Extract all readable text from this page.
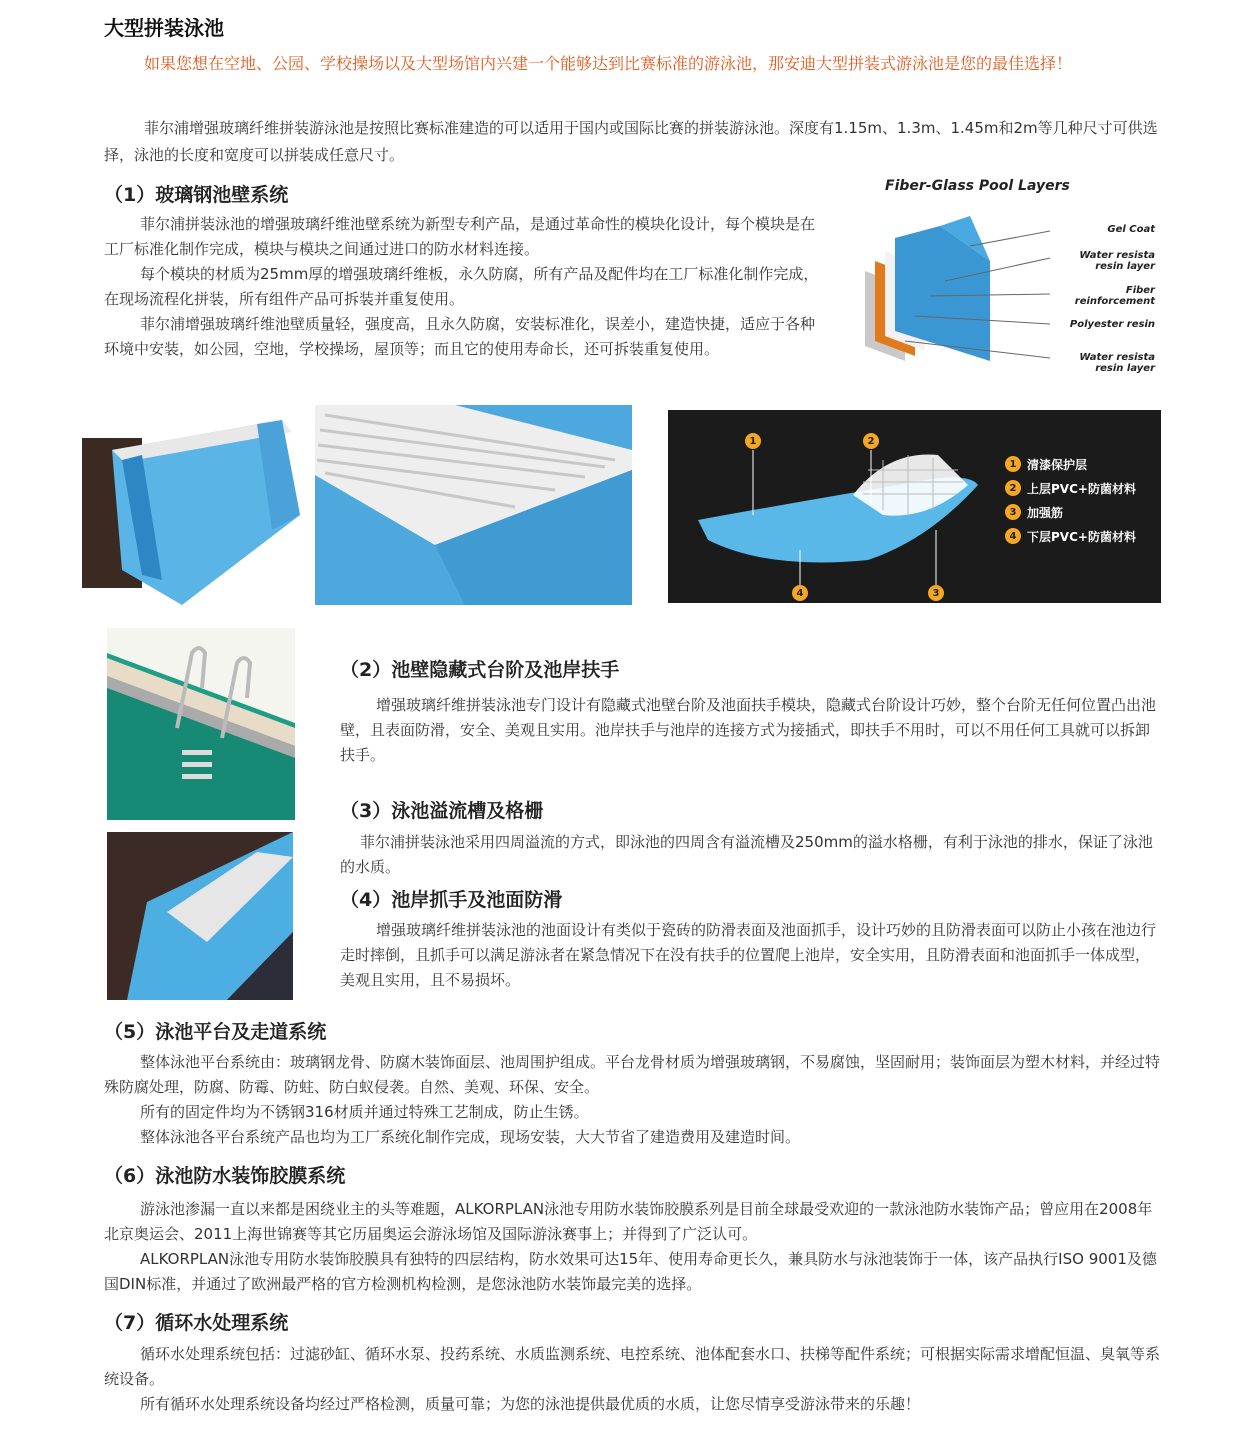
大型拼装泳池
如果您想在空地、公园、学校操场以及大型场馆内兴建一个能够达到比赛标准的游泳池，那安迪大型拼装式游泳池是您的最佳选择！
菲尔浦增强玻璃纤维拼装游泳池是按照比赛标准建造的可以适用于国内或国际比赛的拼装游泳池。深度有1.15m、1.3m、1.45m和2m等几种尺寸可供选择，泳池的长度和宽度可以拼装成任意尺寸。
（1）玻璃钢池壁系统

菲尔浦拼装泳池的增强玻璃纤维池壁系统为新型专利产品，是通过革命性的模块化设计，每个模块是在工厂标准化制作完成，模块与模块之间通过进口的防水材料连接。

每个模块的材质为25mm厚的增强玻璃纤维板，永久防腐，所有产品及配件均在工厂标准化制作完成，在现场流程化拼装，所有组件产品可拆装并重复使用。

菲尔浦增强玻璃纤维池壁质量轻，强度高，且永久防腐，安装标准化，误差小，建造快捷，适应于各种环境中安装，如公园，空地，学校操场，屋顶等；而且它的使用寿命长，还可拆装重复使用。

Fiber-Glass Pool Layers
Gel Coat
Water resista resin layer
Fiber reinforcement
Polyester resin
Water resista resin layer
1	2
3
4
1 清漆保护层
2 上层PVC+防菌材料
3 加强筋
4 下层PVC+防菌材料
（2）池壁隐藏式台阶及池岸扶手

增强玻璃纤维拼装泳池专门设计有隐藏式池壁台阶及池面扶手模块，隐藏式台阶设计巧妙，整个台阶无任何位置凸出池壁，且表面防滑，安全、美观且实用。池岸扶手与池岸的连接方式为接插式，即扶手不用时，可以不用任何工具就可以拆卸扶手。

（3）泳池溢流槽及格栅

菲尔浦拼装泳池采用四周溢流的方式，即泳池的四周含有溢流槽及250mm的溢水格栅，有利于泳池的排水，保证了泳池的水质。

（4）池岸抓手及池面防滑

增强玻璃纤维拼装泳池的池面设计有类似于瓷砖的防滑表面及池面抓手，设计巧妙的且防滑表面可以防止小孩在池边行走时摔倒，且抓手可以满足游泳者在紧急情况下在没有扶手的位置爬上池岸，安全实用，且防滑表面和池面抓手一体成型，美观且实用，且不易损坏。

（5）泳池平台及走道系统

整体泳池平台系统由：玻璃钢龙骨、防腐木装饰面层、池周围护组成。平台龙骨材质为增强玻璃钢，不易腐蚀，坚固耐用；装饰面层为塑木材料，并经过特殊防腐处理，防腐、防霉、防蛀、防白蚁侵袭。自然、美观、环保、安全。

所有的固定件均为不锈钢316材质并通过特殊工艺制成，防止生锈。

整体泳池各平台系统产品也均为工厂系统化制作完成，现场安装，大大节省了建造费用及建造时间。

（6）泳池防水装饰胶膜系统

游泳池渗漏一直以来都是困绕业主的头等难题，ALKORPLAN泳池专用防水装饰胶膜系列是目前全球最受欢迎的一款泳池防水装饰产品；曾应用在2008年北京奥运会、2011上海世锦赛等其它历届奥运会游泳场馆及国际游泳赛事上；并得到了广泛认可。

ALKORPLAN泳池专用防水装饰胶膜具有独特的四层结构，防水效果可达15年、使用寿命更长久，兼具防水与泳池装饰于一体，该产品执行ISO 9001及德国DIN标准，并通过了欧洲最严格的官方检测机构检测，是您泳池防水装饰最完美的选择。

（7）循环水处理系统

循环水处理系统包括：过滤砂缸、循环水泵、投药系统、水质监测系统、电控系统、池体配套水口、扶梯等配件系统；可根据实际需求增配恒温、臭氧等系统设备。

所有循环水处理系统设备均经过严格检测，质量可靠；为您的泳池提供最优质的水质，让您尽情享受游泳带来的乐趣！
